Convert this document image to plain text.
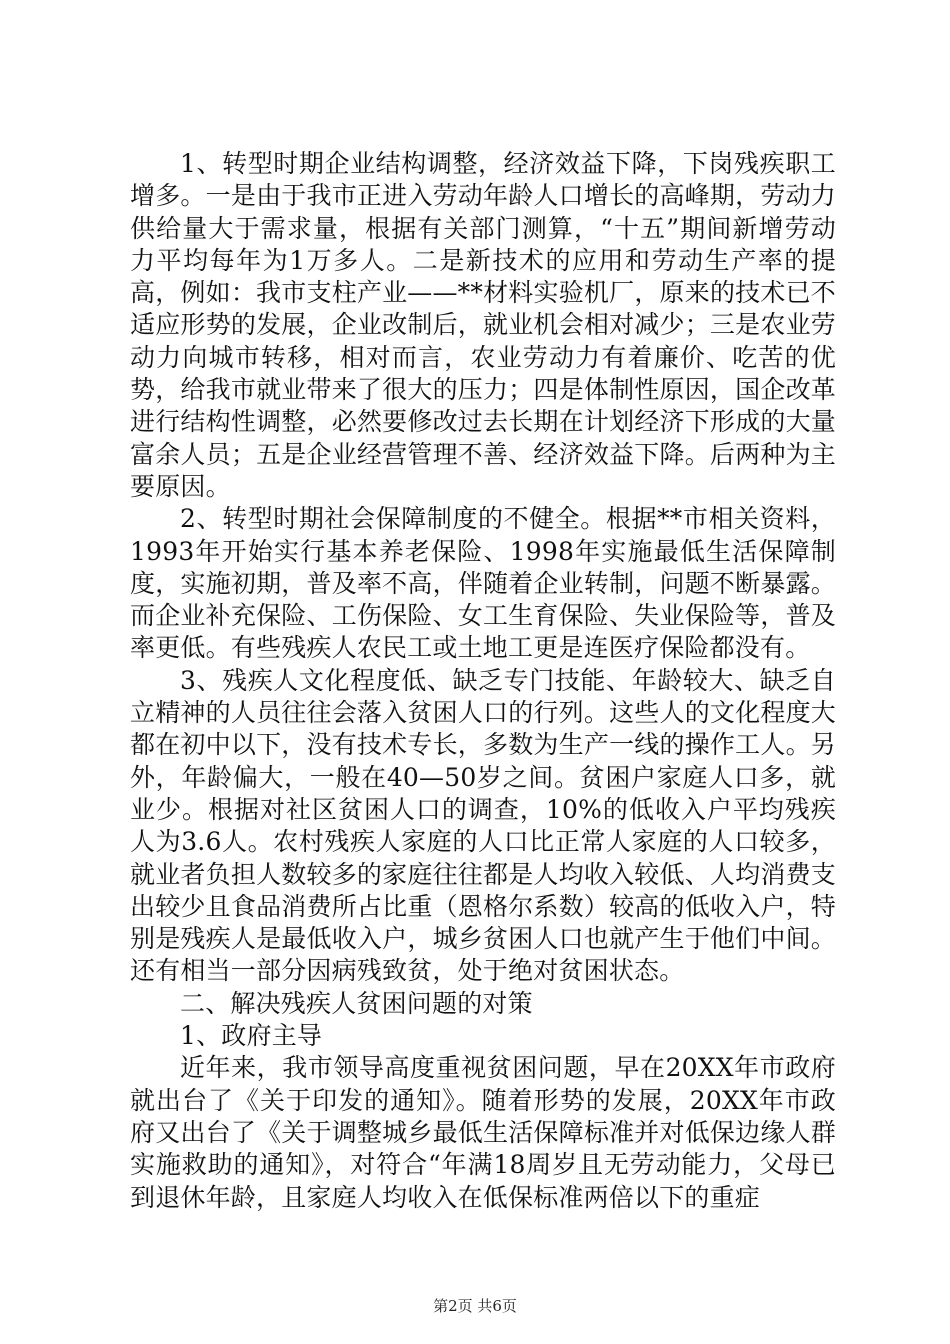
1、转型时期企业结构调整，经济效益下降，下岗残疾职工增多。一是由于我市正进入劳动年龄人口增长的高峰期，劳动力供给量大于需求量，根据有关部门测算，“十五”期间新增劳动力平均每年为1万多人。二是新技术的应用和劳动生产率的提高，例如：我市支柱产业——**材料实验机厂，原来的技术已不适应形势的发展，企业改制后，就业机会相对减少；三是农业劳动力向城市转移，相对而言，农业劳动力有着廉价、吃苦的优势，给我市就业带来了很大的压力；四是体制性原因，国企改革进行结构性调整，必然要修改过去长期在计划经济下形成的大量富余人员；五是企业经营管理不善、经济效益下降。后两种为主要原因。

2、转型时期社会保障制度的不健全。根据**市相关资料，1993年开始实行基本养老保险、1998年实施最低生活保障制度，实施初期，普及率不高，伴随着企业转制，问题不断暴露。而企业补充保险、工伤保险、女工生育保险、失业保险等，普及率更低。有些残疾人农民工或土地工更是连医疗保险都没有。

3、残疾人文化程度低、缺乏专门技能、年龄较大、缺乏自立精神的人员往往会落入贫困人口的行列。这些人的文化程度大都在初中以下，没有技术专长，多数为生产一线的操作工人。另外，年龄偏大，一般在40—50岁之间。贫困户家庭人口多，就业少。根据对社区贫困人口的调查，10%的低收入户平均残疾人为3.6人。农村残疾人家庭的人口比正常人家庭的人口较多，就业者负担人数较多的家庭往往都是人均收入较低、人均消费支出较少且食品消费所占比重（恩格尔系数）较高的低收入户，特别是残疾人是最低收入户，城乡贫困人口也就产生于他们中间。还有相当一部分因病残致贫，处于绝对贫困状态。

二、解决残疾人贫困问题的对策

1、政府主导

近年来，我市领导高度重视贫困问题，早在20XX年市政府就出台了《关于印发的通知》。随着形势的发展，20XX年市政府又出台了《关于调整城乡最低生活保障标准并对低保边缘人群实施救助的通知》，对符合“年满18周岁且无劳动能力，父母已到退休年龄，且家庭人均收入在低保标准两倍以下的重症

第2页 共6页
